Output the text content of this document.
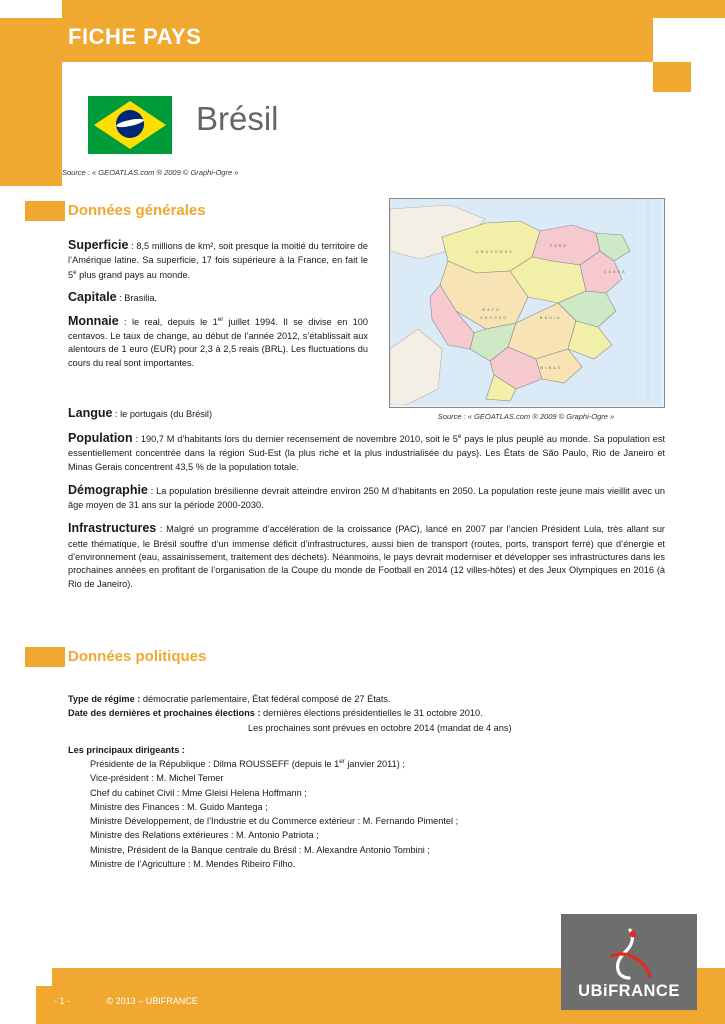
FICHE PAYS
Brésil
Source : « GEOATLAS.com ® 2009 © Graphi-Ogre »
Données générales
A M A Z O N A S
P A R Á
B A H I A
M A T O
G R O S S O
M I N A S
C E A R Á
Source : « GEOATLAS.com ® 2009 © Graphi-Ogre »

Superficie : 8,5 millions de km², soit presque la moitié du territoire de l’Amérique latine. Sa superficie, 17 fois supérieure à la France, en fait le 5e plus grand pays au monde.

Capitale : Brasilia.

Monnaie : le real, depuis le 1er juillet 1994. Il se divise en 100 centavos. Le taux de change, au début de l’année 2012, s’établissait aux alentours de 1 euro (EUR) pour 2,3 à 2,5 reais (BRL). Les fluctuations du cours du real sont importantes.

Langue : le portugais (du Brésil)

Population : 190,7 M d’habitants lors du dernier recensement de novembre 2010, soit le 5e pays le plus peuplé au monde. Sa population est essentiellement concentrée dans la région Sud-Est (la plus riche et la plus industrialisée du pays). Les États de São Paulo, Rio de Janeiro et Minas Gerais concentrent 43,5 % de la population totale.

Démographie : La population brésilienne devrait atteindre environ 250 M d’habitants en 2050. La population reste jeune mais vieillit avec un âge moyen de 31 ans sur la période 2000-2030.

Infrastructures : Malgré un programme d’accélération de la croissance (PAC), lancé en 2007 par l’ancien Président Lula, très allant sur cette thématique, le Brésil souffre d’un immense déficit d’infrastructures, aussi bien de transport (routes, ports, transport ferré) que d’énergie et d’environnement (eau, assainissement, traitement des déchets). Néanmoins, le pays devrait moderniser et développer ses infrastructures dans les prochaines années en profitant de l’organisation de la Coupe du monde de Football en 2014 (12 villes-hôtes) et des Jeux Olympiques en 2016 (à Rio de Janeiro).

Données politiques
Type de régime : démocratie parlementaire, État fédéral composé de 27 États.
Date des dernières et prochaines élections : dernières élections présidentielles le 31 octobre 2010.
Les prochaines sont prévues en octobre 2014 (mandat de 4 ans)
Les principaux dirigeants :
Présidente de la République : Dilma ROUSSEFF (depuis le 1er janvier 2011) ;
Vice-président : M. Michel Temer
Chef du cabinet Civil : Mme Gleisi Helena Hoffmann ;
Ministre des Finances : M. Guido Mantega ;
Ministre Développement, de l’Industrie et du Commerce extérieur : M. Fernando Pimentel ;
Ministre des Relations extérieures : M. Antonio Patriota ;
Ministre, Président de la Banque centrale du Brésil : M. Alexandre Antonio Tombini ;
Ministre de l’Agriculture : M. Mendes Ribeiro Filho.
- 1 -	© 2013 – UBIFRANCE
UBiFRANCE
